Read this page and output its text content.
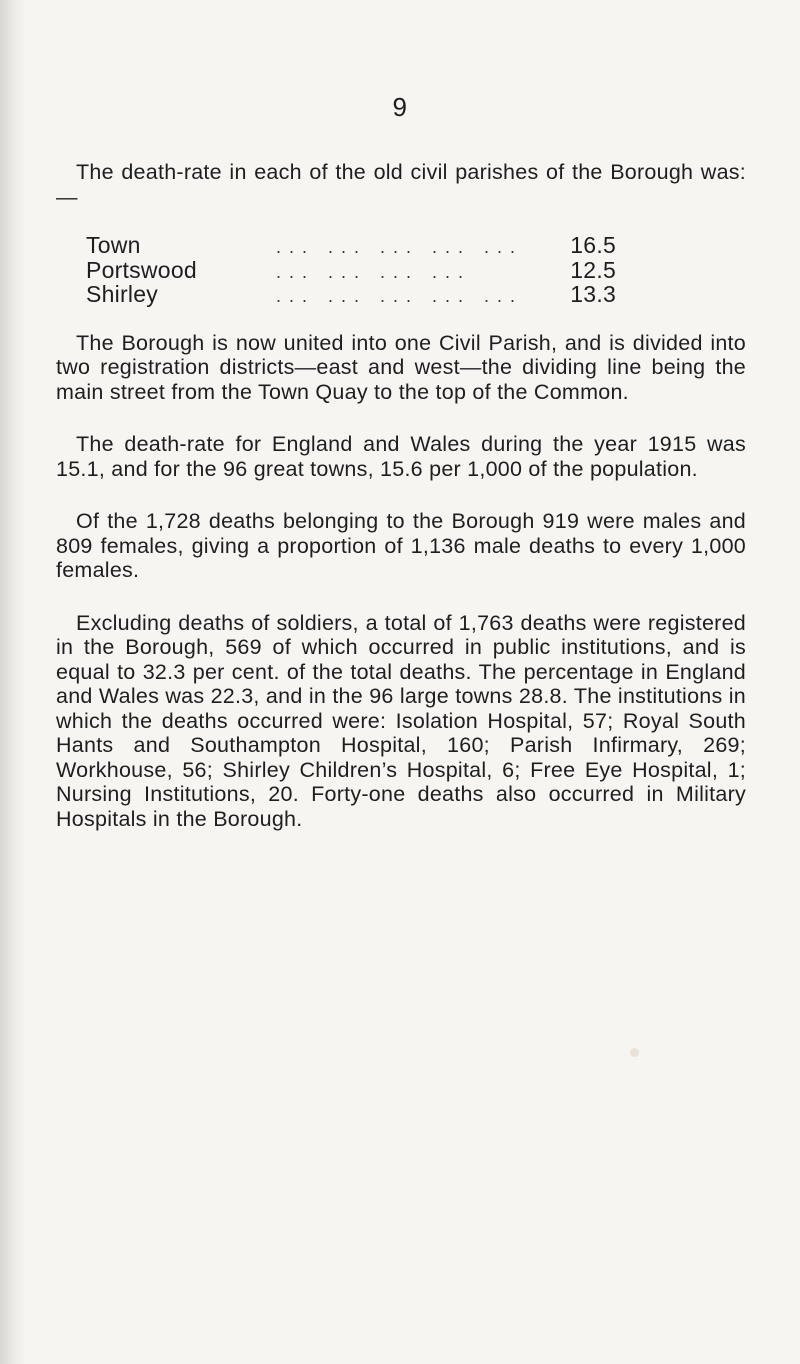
9

The death-rate in each of the old civil parishes of the Borough was:—

Town	... ... ... ... ...	16.5
Portswood	... ... ... ...	12.5
Shirley	... ... ... ... ...	13.3

The Borough is now united into one Civil Parish, and is divided into two registration districts—east and west—the dividing line being the main street from the Town Quay to the top of the Common.

The death-rate for England and Wales during the year 1915 was 15.1, and for the 96 great towns, 15.6 per 1,000 of the population.

Of the 1,728 deaths belonging to the Borough 919 were males and 809 females, giving a proportion of 1,136 male deaths to every 1,000 females.

Excluding deaths of soldiers, a total of 1,763 deaths were registered in the Borough, 569 of which occurred in public institutions, and is equal to 32.3 per cent. of the total deaths. The percentage in England and Wales was 22.3, and in the 96 large towns 28.8. The institutions in which the deaths occurred were: Isolation Hospital, 57; Royal South Hants and Southampton Hospital, 160; Parish Infirmary, 269; Workhouse, 56; Shirley Children’s Hospital, 6; Free Eye Hospital, 1; Nursing Institutions, 20. Forty-one deaths also occurred in Military Hospitals in the Borough.
